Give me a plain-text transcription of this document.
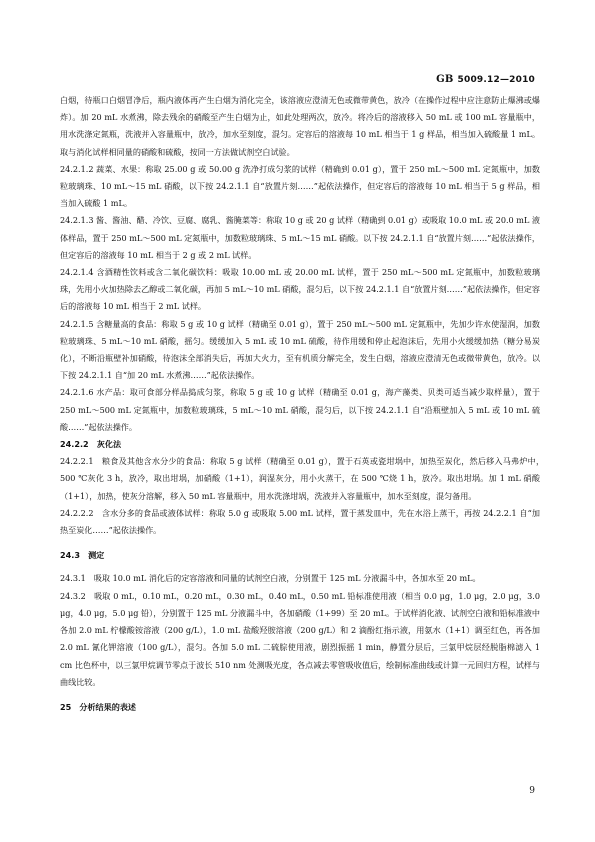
GB 5009.12—2010

白烟，待瓶口白烟冒净后，瓶内液体再产生白烟为消化完全，该溶液应澄清无色或微带黄色，放冷（在操作过程中应注意防止爆沸或爆炸）。加 20 mL 水煮沸，除去残余的硝酸至产生白烟为止，如此处理两次，放冷。将冷后的溶液移入 50 mL 或 100 mL 容量瓶中，用水洗涤定氮瓶，洗液并入容量瓶中，放冷，加水至刻度，混匀。定容后的溶液每 10 mL 相当于 1 g 样品，相当加入硫酸量 1 mL。取与消化试样相同量的硝酸和硫酸，按同一方法做试剂空白试验。

24.2.1.2 蔬菜、水果：称取 25.00 g 或 50.00 g 洗净打成匀浆的试样（精确到 0.01 g），置于 250 mL～500 mL 定氮瓶中，加数粒玻璃珠、10 mL～15 mL 硝酸，以下按 24.2.1.1 自“放置片刻……”起依法操作，但定容后的溶液每 10 mL 相当于 5 g 样品，相当加入硫酸 1 mL。

24.2.1.3 酱、酱油、醋、冷饮、豆腐、腐乳、酱腌菜等：称取 10 g 或 20 g 试样（精确到 0.01 g）或吸取 10.0 mL 或 20.0 mL 液体样品，置于 250 mL～500 mL 定氮瓶中，加数粒玻璃珠、5 mL～15 mL 硝酸。以下按 24.2.1.1 自“放置片刻……”起依法操作，但定容后的溶液每 10 mL 相当于 2 g 或 2 mL 试样。

24.2.1.4 含酒精性饮料或含二氧化碳饮料：吸取 10.00 mL 或 20.00 mL 试样，置于 250 mL～500 mL 定氮瓶中，加数粒玻璃珠，先用小火加热除去乙醇或二氧化碳，再加 5 mL～10 mL 硝酸，混匀后，以下按 24.2.1.1 自“放置片刻……”起依法操作，但定容后的溶液每 10 mL 相当于 2 mL 试样。

24.2.1.5 含糖量高的食品：称取 5 g 或 10 g 试样（精确至 0.01 g），置于 250 mL～500 mL 定氮瓶中，先加少许水使湿润，加数粒玻璃珠、5 mL～10 mL 硝酸，摇匀。缓缓加入 5 mL 或 10 mL 硫酸，待作用缓和停止起泡沫后，先用小火缓缓加热（糖分易炭化），不断沿瓶壁补加硝酸，待泡沫全部消失后，再加大火力，至有机质分解完全，发生白烟，溶液应澄清无色或微带黄色，放冷。以下按 24.2.1.1 自“加 20 mL 水煮沸……”起依法操作。

24.2.1.6 水产品：取可食部分样品捣成匀浆，称取 5 g 或 10 g 试样（精确至 0.01 g，海产藻类、贝类可适当减少取样量），置于 250 mL～500 mL 定氮瓶中，加数粒玻璃珠，5 mL～10 mL 硝酸，混匀后，以下按 24.2.1.1 自“沿瓶壁加入 5 mL 或 10 mL 硫酸……”起依法操作。

24.2.2　灰化法

24.2.2.1　粮食及其他含水分少的食品：称取 5 g 试样（精确至 0.01 g），置于石英或瓷坩埚中，加热至炭化，然后移入马弗炉中，　500 ℃灰化 3 h，放冷，取出坩埚，加硝酸（1+1），润湿灰分，用小火蒸干，在 500 ℃烧 1 h，放冷。取出坩埚。加 1 mL 硝酸（1+1），加热，使灰分溶解，移入 50 mL 容量瓶中，用水洗涤坩埚，洗液并入容量瓶中，加水至刻度，混匀备用。

24.2.2.2　含水分多的食品或液体试样：称取 5.0 g 或吸取 5.00 mL 试样，置于蒸发皿中，先在水浴上蒸干，再按 24.2.2.1 自“加热至炭化……”起依法操作。

24.3　测定

24.3.1　吸取 10.0 mL 消化后的定容溶液和同量的试剂空白液，分别置于 125 mL 分液漏斗中，各加水至 20 mL。

24.3.2　吸取 0 mL，0.10 mL，0.20 mL，0.30 mL，0.40 mL，0.50 mL 铅标准使用液（相当 0.0 μg，1.0 μg，2.0 μg，3.0 μg，4.0 μg，5.0 μg 铅），分别置于 125 mL 分液漏斗中，各加硝酸（1+99）至 20 mL。于试样消化液、试剂空白液和铅标准液中各加 2.0 mL 柠檬酸铵溶液（200 g/L），1.0 mL 盐酸羟胺溶液（200 g/L）和 2 滴酚红指示液，用氨水（1+1）调至红色，再各加 2.0 mL 氰化钾溶液（100 g/L），混匀。各加 5.0 mL 二硫腙使用液，剧烈振摇 1 min，静置分层后，三氯甲烷层经脱脂棉滤入 1 cm 比色杯中，以三氯甲烷调节零点于波长 510 nm 处测吸光度，各点减去零管吸收值后，绘制标准曲线或计算一元回归方程，试样与曲线比较。

25　分析结果的表述

9
